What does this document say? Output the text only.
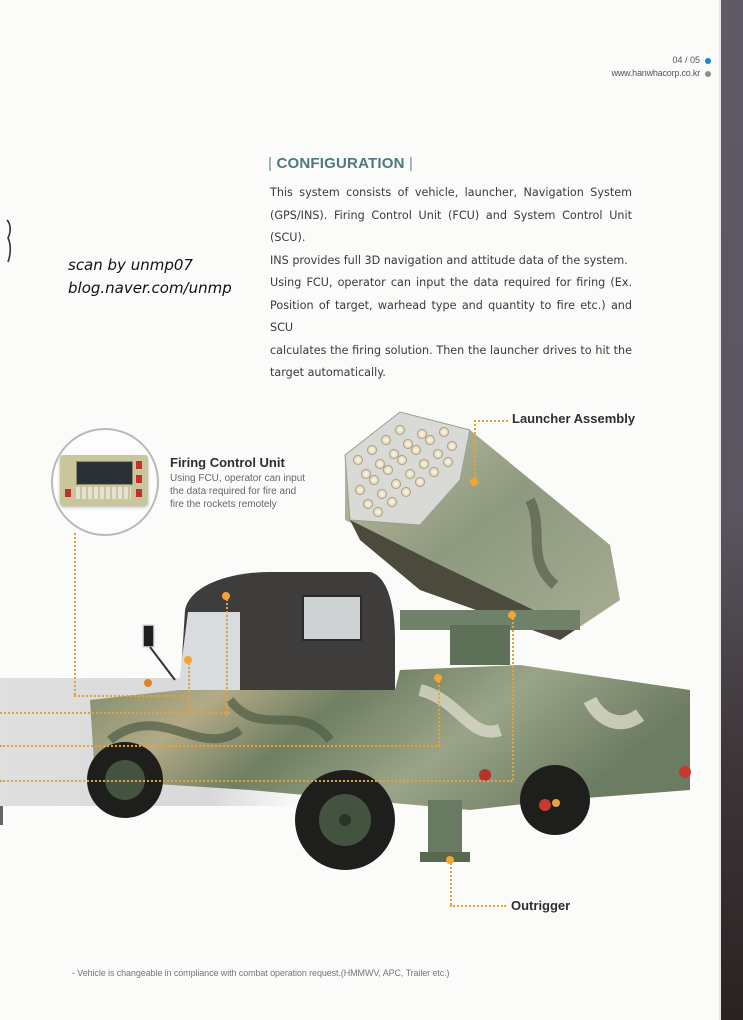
04 / 05
www.hanwhacorp.co.kr
| CONFIGURATION |

This system consists of vehicle, launcher, Navigation System

(GPS/INS). Firing Control Unit (FCU) and System Control Unit (SCU).

INS provides full 3D navigation and attitude data of the system.

Using FCU, operator can input the data required for firing (Ex.

Position of target, warhead type and quantity to fire etc.) and SCU

calculates the firing solution. Then the launcher drives to hit the

target automatically.

scan by unmp07
blog.naver.com/unmp
Firing Control Unit
Using FCU, operator can input
the data required for fire and
fire the rockets remotely
Launcher Assembly
Outrigger
- Vehicle is changeable in compliance with combat operation request.(HMMWV, APC, Trailer etc.)
